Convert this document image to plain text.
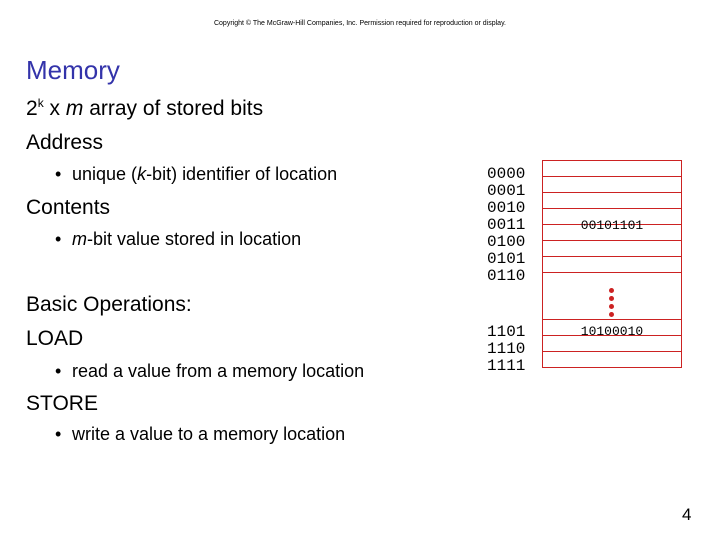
Copyright © The McGraw-Hill Companies, Inc. Permission required for reproduction or display.
Memory
2$^k$ x m array of stored bits
Address
• unique (k-bit) identifier of location
Contents
• m-bit value stored in location
Basic Operations:
LOAD
• read a value from a memory location
STORE
• write a value to a memory location
0000
0001
0010
0011
0100
0101
0110
1101
1110
1111
00101101
10100010
4
